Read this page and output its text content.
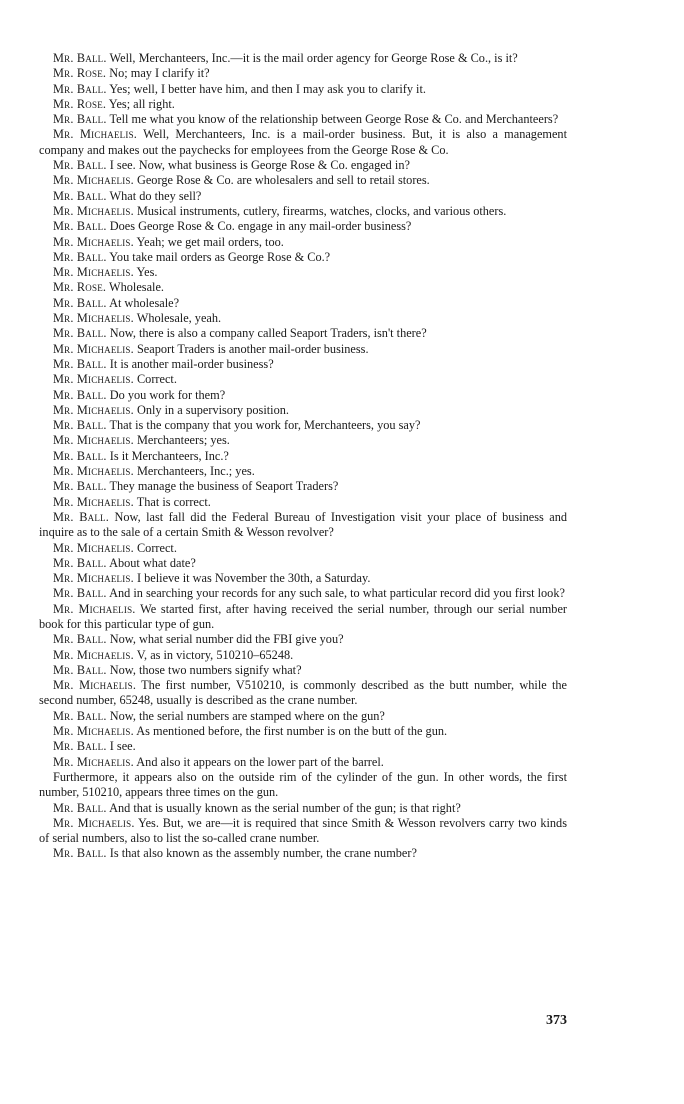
Mr. Ball. Well, Merchanteers, Inc.—it is the mail order agency for George Rose & Co., is it?

Mr. Rose. No; may I clarify it?

Mr. Ball. Yes; well, I better have him, and then I may ask you to clarify it.

Mr. Rose. Yes; all right.

Mr. Ball. Tell me what you know of the relationship between George Rose & Co. and Merchanteers?

Mr. Michaelis. Well, Merchanteers, Inc. is a mail-order business. But, it is also a management company and makes out the paychecks for employees from the George Rose & Co.

Mr. Ball. I see. Now, what business is George Rose & Co. engaged in?

Mr. Michaelis. George Rose & Co. are wholesalers and sell to retail stores.

Mr. Ball. What do they sell?

Mr. Michaelis. Musical instruments, cutlery, firearms, watches, clocks, and various others.

Mr. Ball. Does George Rose & Co. engage in any mail-order business?

Mr. Michaelis. Yeah; we get mail orders, too.

Mr. Ball. You take mail orders as George Rose & Co.?

Mr. Michaelis. Yes.

Mr. Rose. Wholesale.

Mr. Ball. At wholesale?

Mr. Michaelis. Wholesale, yeah.

Mr. Ball. Now, there is also a company called Seaport Traders, isn't there?

Mr. Michaelis. Seaport Traders is another mail-order business.

Mr. Ball. It is another mail-order business?

Mr. Michaelis. Correct.

Mr. Ball. Do you work for them?

Mr. Michaelis. Only in a supervisory position.

Mr. Ball. That is the company that you work for, Merchanteers, you say?

Mr. Michaelis. Merchanteers; yes.

Mr. Ball. Is it Merchanteers, Inc.?

Mr. Michaelis. Merchanteers, Inc.; yes.

Mr. Ball. They manage the business of Seaport Traders?

Mr. Michaelis. That is correct.

Mr. Ball. Now, last fall did the Federal Bureau of Investigation visit your place of business and inquire as to the sale of a certain Smith & Wesson revolver?

Mr. Michaelis. Correct.

Mr. Ball. About what date?

Mr. Michaelis. I believe it was November the 30th, a Saturday.

Mr. Ball. And in searching your records for any such sale, to what particular record did you first look?

Mr. Michaelis. We started first, after having received the serial number, through our serial number book for this particular type of gun.

Mr. Ball. Now, what serial number did the FBI give you?

Mr. Michaelis. V, as in victory, 510210–65248.

Mr. Ball. Now, those two numbers signify what?

Mr. Michaelis. The first number, V510210, is commonly described as the butt number, while the second number, 65248, usually is described as the crane number.

Mr. Ball. Now, the serial numbers are stamped where on the gun?

Mr. Michaelis. As mentioned before, the first number is on the butt of the gun.

Mr. Ball. I see.

Mr. Michaelis. And also it appears on the lower part of the barrel.

Furthermore, it appears also on the outside rim of the cylinder of the gun. In other words, the first number, 510210, appears three times on the gun.

Mr. Ball. And that is usually known as the serial number of the gun; is that right?

Mr. Michaelis. Yes. But, we are—it is required that since Smith & Wesson revolvers carry two kinds of serial numbers, also to list the so-called crane number.

Mr. Ball. Is that also known as the assembly number, the crane number?

373
